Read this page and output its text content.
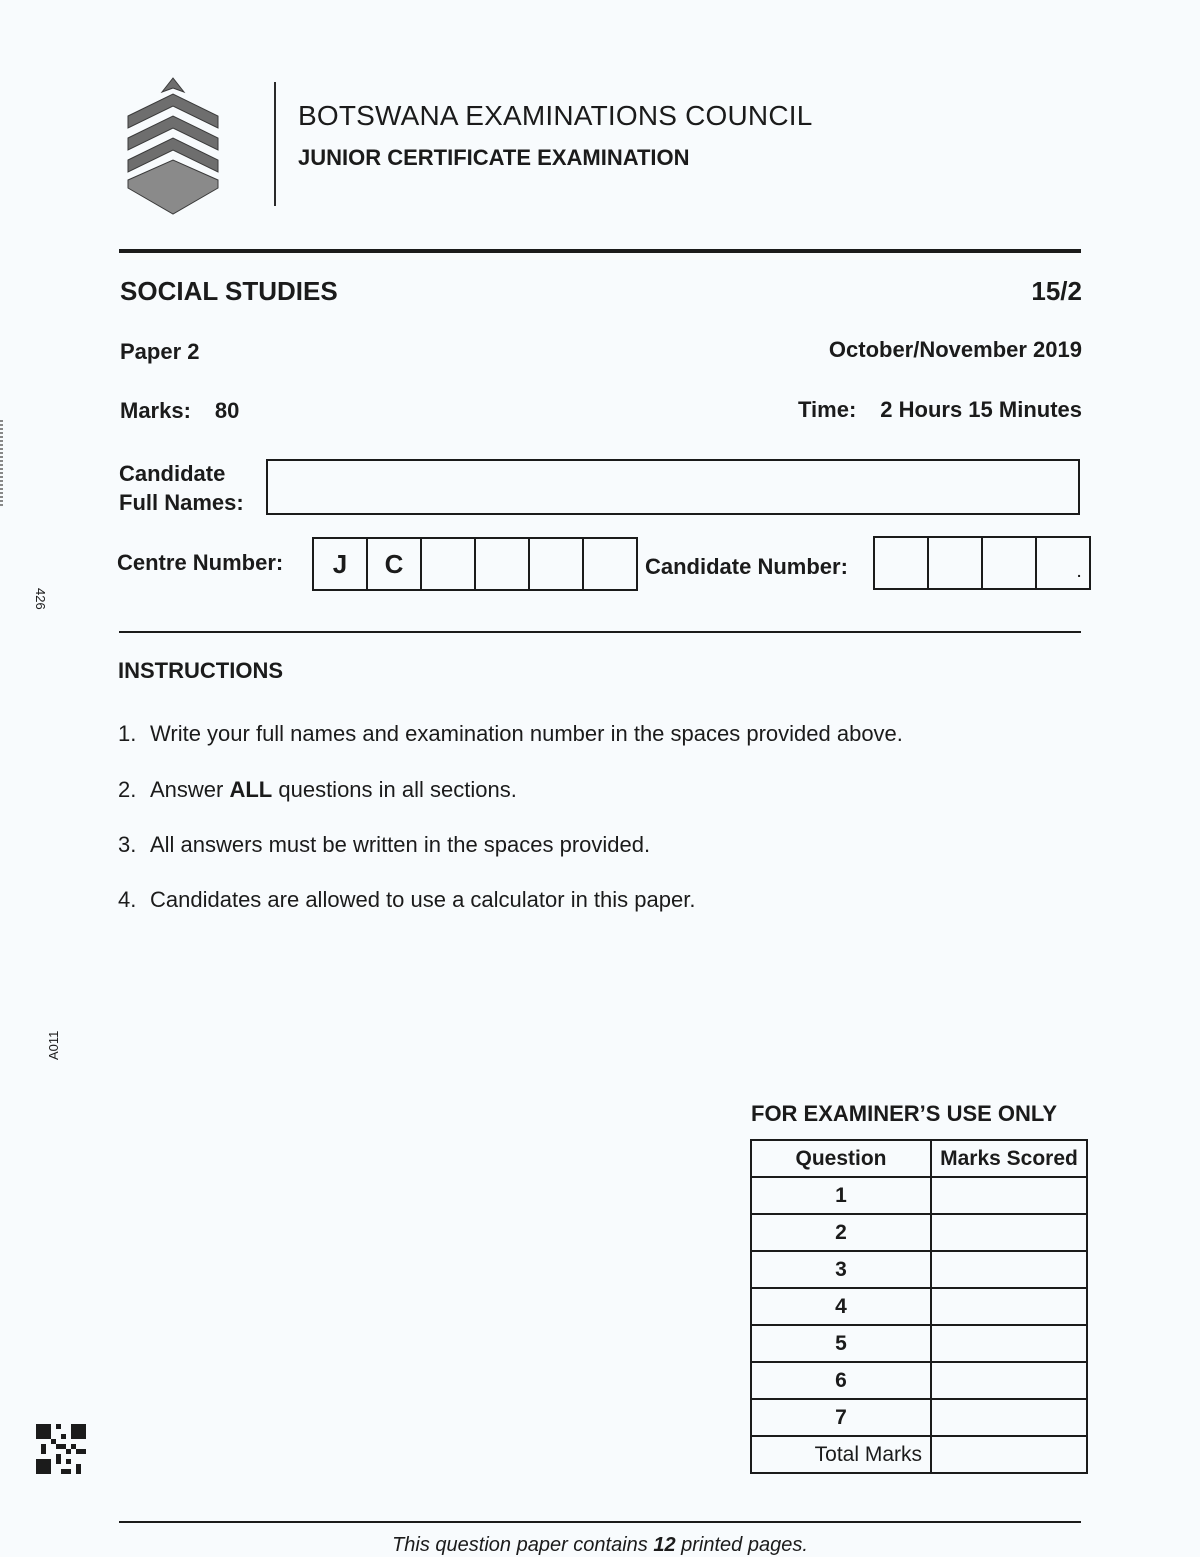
BOTSWANA EXAMINATIONS COUNCIL
JUNIOR CERTIFICATE EXAMINATION
SOCIAL STUDIES	15/2
Paper 2	October/November 2019
Marks: 80	Time: 2 Hours 15 Minutes
Candidate
Full Names:
Centre Number:	J	C	Candidate Number:	.
INSTRUCTIONS
1. Write your full names and examination number in the spaces provided above.
2. Answer ALL questions in all sections.
3. All answers must be written in the spaces provided.
4. Candidates are allowed to use a calculator in this paper.
FOR EXAMINER’S USE ONLY
Question	Marks Scored
1	
2	
3	
4	
5	
6	
7	
Total Marks	
426
A011
This question paper contains 12 printed pages.
